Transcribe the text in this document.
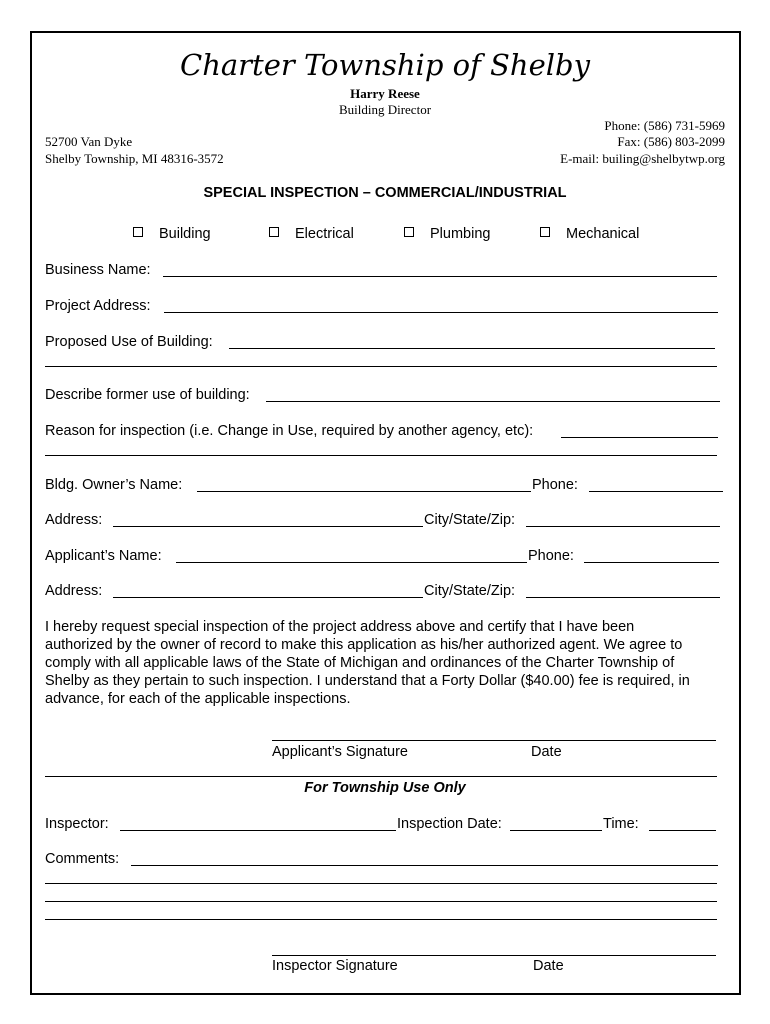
Charter Township of Shelby
Harry Reese
Building Director
52700 Van Dyke
Shelby Township, MI 48316-3572
Phone: (586) 731-5969
Fax: (586) 803-2099
E-mail: builing@shelbytwp.org
SPECIAL INSPECTION – COMMERCIAL/INDUSTRIAL
Building	Electrical	Plumbing	Mechanical
Business Name:
Project Address:
Proposed Use of Building:
Describe former use of building:
Reason for inspection (i.e. Change in Use, required by another agency, etc):
Bldg. Owner’s Name:	Phone:
Address:	City/State/Zip:
Applicant’s Name:	Phone:
Address:	City/State/Zip:
I hereby request special inspection of the project address above and certify that I have been
authorized by the owner of record to make this application as his/her authorized agent. We agree to
comply with all applicable laws of the State of Michigan and ordinances of the Charter Township of
Shelby as they pertain to such inspection. I understand that a Forty Dollar ($40.00) fee is required, in
advance, for each of the applicable inspections.
Applicant’s Signature	Date
For Township Use Only
Inspector:	Inspection Date:	Time:
Comments:
Inspector Signature	Date
